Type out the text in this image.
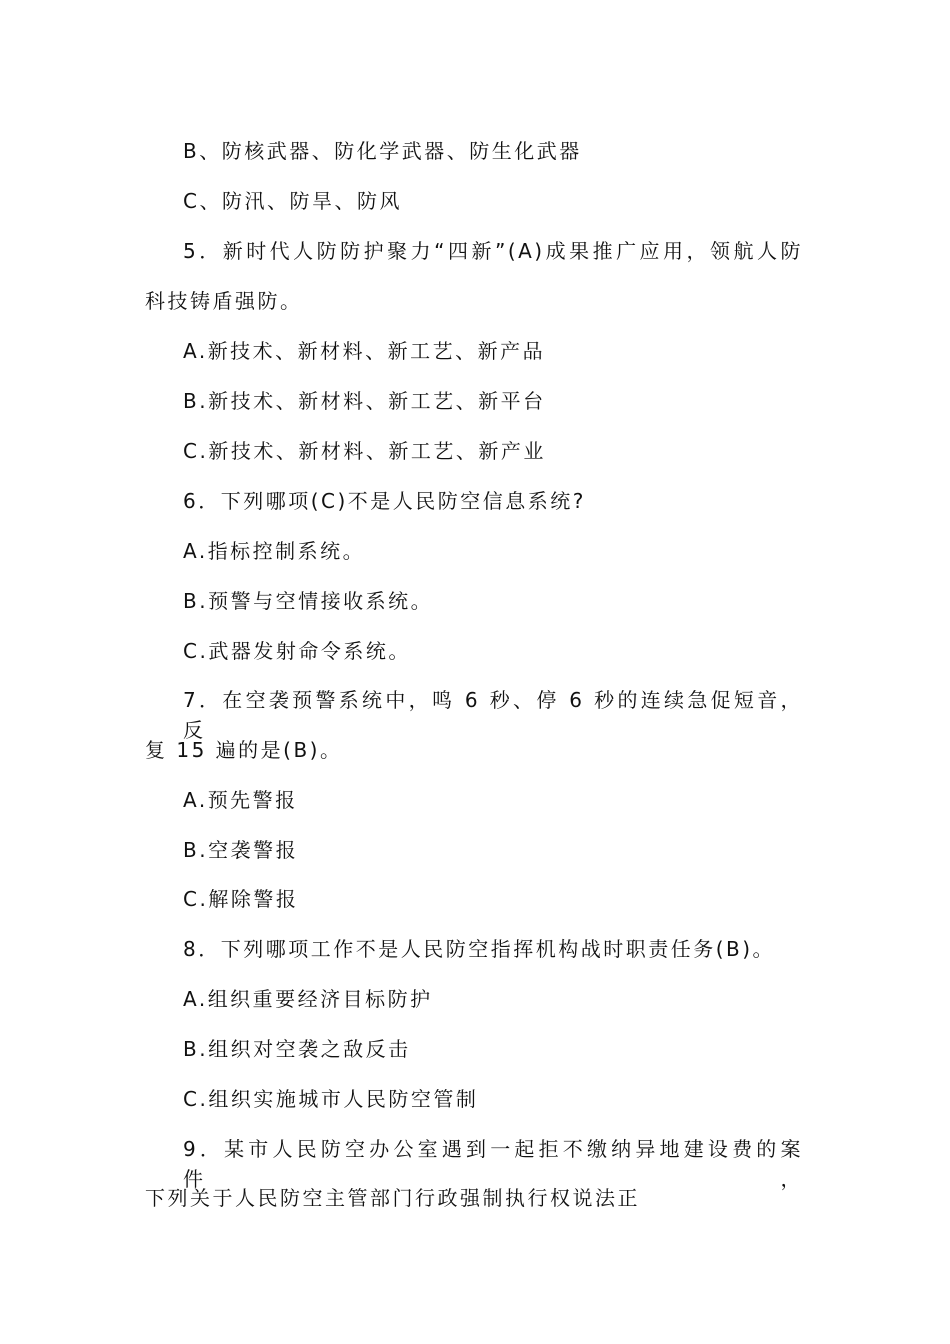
B、防核武器、防化学武器、防生化武器
C、防汛、防旱、防风
5．新时代人防防护聚力“四新”(A)成果推广应用，领航人防
科技铸盾强防。
A.新技术、新材料、新工艺、新产品
B.新技术、新材料、新工艺、新平台
C.新技术、新材料、新工艺、新产业
6．下列哪项(C)不是人民防空信息系统?
A.指标控制系统。
B.预警与空情接收系统。
C.武器发射命令系统。
7．在空袭预警系统中，鸣 6 秒、停 6 秒的连续急促短音，反
复 15 遍的是(B)。
A.预先警报
B.空袭警报
C.解除警报
8．下列哪项工作不是人民防空指挥机构战时职责任务(B)。
A.组织重要经济目标防护
B.组织对空袭之敌反击
C.组织实施城市人民防空管制
9．某市人民防空办公室遇到一起拒不缴纳异地建设费的案件，
下列关于人民防空主管部门行政强制执行权说法正
